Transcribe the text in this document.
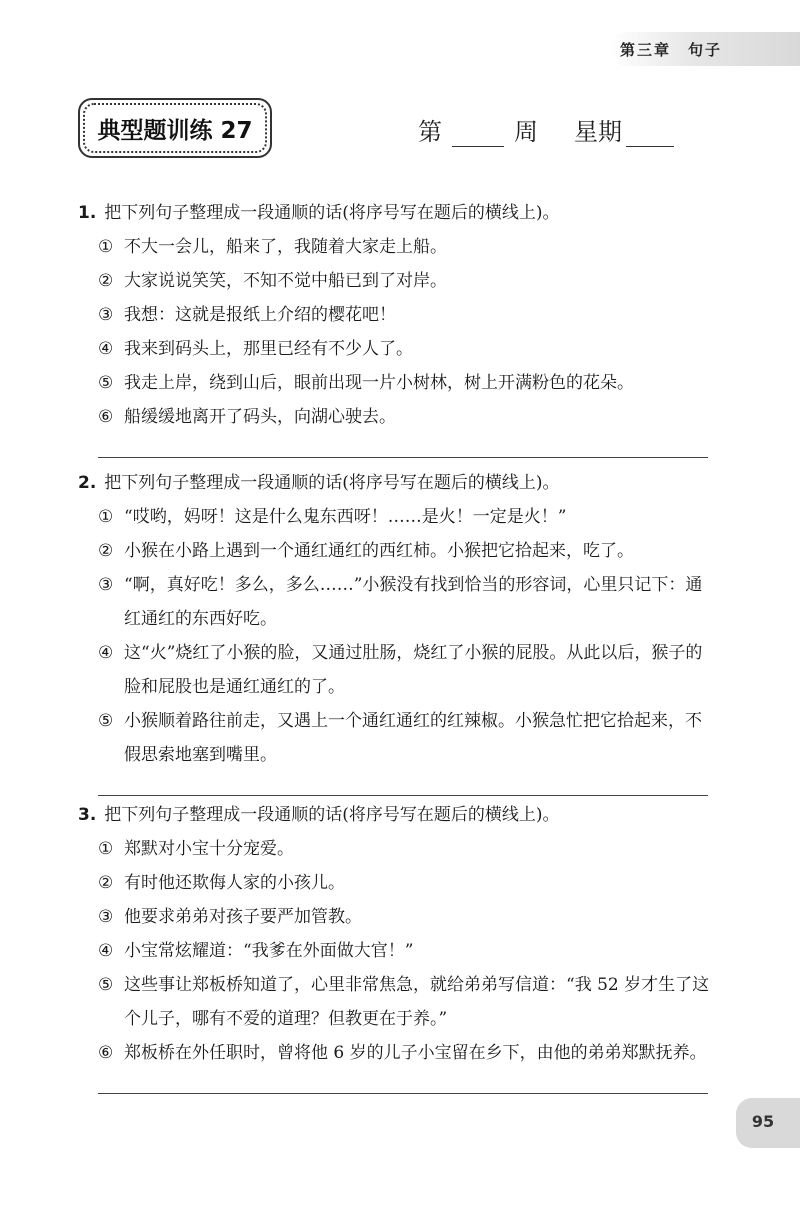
第三章　句子
典型题训练 27	第	周 星期
1. 把下列句子整理成一段通顺的话(将序号写在题后的横线上)。
① 不大一会儿，船来了，我随着大家走上船。
② 大家说说笑笑，不知不觉中船已到了对岸。
③ 我想：这就是报纸上介绍的樱花吧！
④ 我来到码头上，那里已经有不少人了。
⑤ 我走上岸，绕到山后，眼前出现一片小树林，树上开满粉色的花朵。
⑥ 船缓缓地离开了码头，向湖心驶去。
2. 把下列句子整理成一段通顺的话(将序号写在题后的横线上)。
① “哎哟，妈呀！这是什么鬼东西呀！……是火！一定是火！”
② 小猴在小路上遇到一个通红通红的西红柿。小猴把它拾起来，吃了。
③ “啊，真好吃！多么，多么……”小猴没有找到恰当的形容词，心里只记下：通红通红的东西好吃。
④ 这“火”烧红了小猴的脸，又通过肚肠，烧红了小猴的屁股。从此以后，猴子的脸和屁股也是通红通红的了。
⑤ 小猴顺着路往前走，又遇上一个通红通红的红辣椒。小猴急忙把它拾起来，不假思索地塞到嘴里。
3. 把下列句子整理成一段通顺的话(将序号写在题后的横线上)。
① 郑默对小宝十分宠爱。
② 有时他还欺侮人家的小孩儿。
③ 他要求弟弟对孩子要严加管教。
④ 小宝常炫耀道：“我爹在外面做大官！”
⑤ 这些事让郑板桥知道了，心里非常焦急，就给弟弟写信道：“我 52 岁才生了这个儿子，哪有不爱的道理？但教更在于养。”
⑥ 郑板桥在外任职时，曾将他 6 岁的儿子小宝留在乡下，由他的弟弟郑默抚养。
95
